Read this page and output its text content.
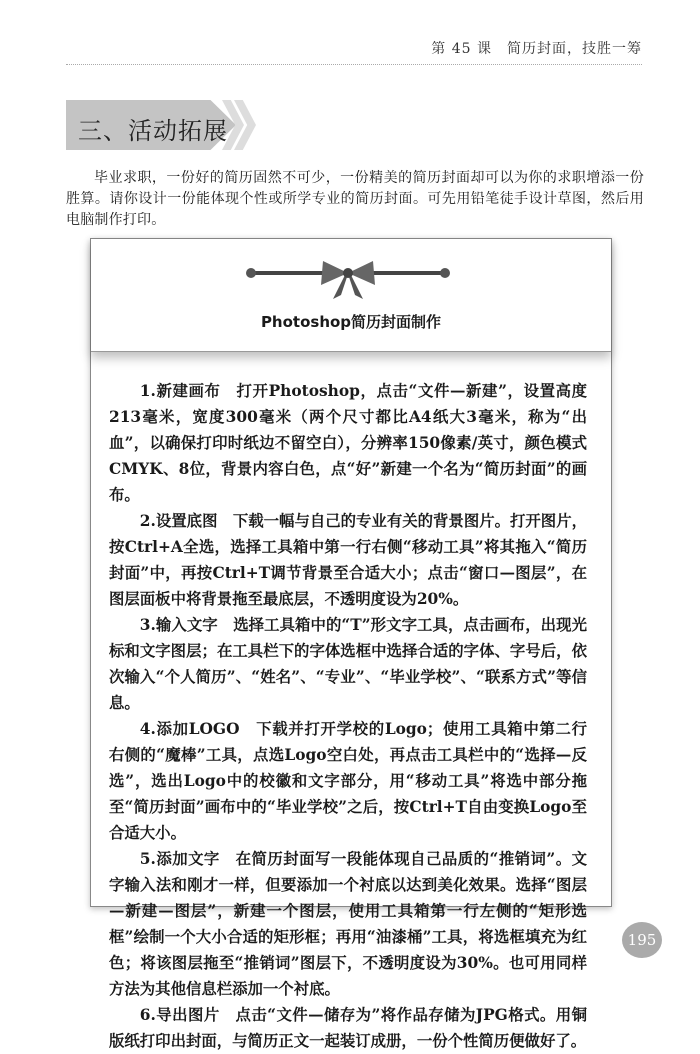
第 45 课　简历封面，技胜一筹
三、活动拓展
毕业求职，一份好的简历固然不可少，一份精美的简历封面却可以为你的求职增添一份胜算。请你设计一份能体现个性或所学专业的简历封面。可先用铅笔徒手设计草图，然后用电脑制作打印。

1.新建画布　打开Photoshop，点击“文件—新建”，设置高度213毫米，宽度300毫米（两个尺寸都比A4纸大3毫米，称为“出血”，以确保打印时纸边不留空白），分辨率150像素/英寸，颜色模式CMYK、8位，背景内容白色，点“好”新建一个名为“简历封面”的画布。

2.设置底图　下载一幅与自己的专业有关的背景图片。打开图片，按Ctrl+A全选，选择工具箱中第一行右侧“移动工具”将其拖入“简历封面”中，再按Ctrl+T调节背景至合适大小；点击“窗口—图层”，在图层面板中将背景拖至最底层，不透明度设为20%。

3.输入文字　选择工具箱中的“T”形文字工具，点击画布，出现光标和文字图层；在工具栏下的字体选框中选择合适的字体、字号后，依次输入“个人简历”、“姓名”、“专业”、“毕业学校”、“联系方式”等信息。

4.添加LOGO　下载并打开学校的Logo；使用工具箱中第二行右侧的“魔棒”工具，点选Logo空白处，再点击工具栏中的“选择—反选”，选出Logo中的校徽和文字部分，用“移动工具”将选中部分拖至“简历封面”画布中的“毕业学校”之后，按Ctrl+T自由变换Logo至合适大小。

5.添加文字　在简历封面写一段能体现自己品质的“推销词”。文字输入法和刚才一样，但要添加一个衬底以达到美化效果。选择“图层—新建—图层”，新建一个图层，使用工具箱第一行左侧的“矩形选框”绘制一个大小合适的矩形框；再用“油漆桶”工具，将选框填充为红色；将该图层拖至“推销词”图层下，不透明度设为30%。也可用同样方法为其他信息栏添加一个衬底。

6.导出图片　点击“文件—储存为”将作品存储为JPG格式。用铜版纸打印出封面，与简历正文一起装订成册，一份个性简历便做好了。

Photoshop简历封面制作
195
